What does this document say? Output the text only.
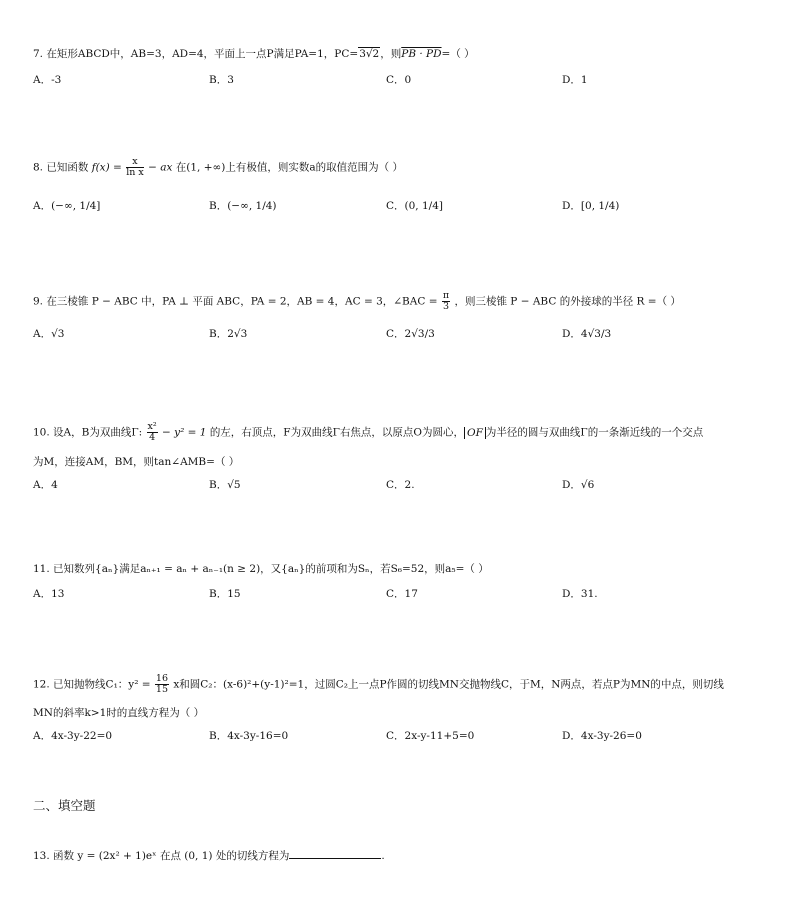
7. 在矩形ABCD中，AB=3，AD=4，平面上一点P满足PA=1，PC=3√2，则PB · PD=（ ）
A．-3	B．3	C．0	D．1
8. 已知函数 $f(x) = \frac{x}{\text{ln x}}$ − ax 在(1, +∞)上有极值，则实数a的取值范围为（ ）
A．(−∞, 1/4]	B．(−∞, 1/4)	C．(0, 1/4]	D．[0, 1/4)
9. 在三棱锥 P − ABC 中，PA ⊥ 平面 ABC，PA = 2，AB = 4，AC = 3，∠BAC = $\frac{\pi}{3}$ ，则三棱锥 P − ABC 的外接球的半径 R =（ ）
A．√3	B．2√3	C．2√3/3	D．4√3/3
10. 设A，B为双曲线Γ: $\frac{\text{x²}}{4} - y^2 = 1$ 的左，右顶点，F为双曲线Γ右焦点，以原点O为圆心， OF 为半径的圆与双曲线Γ的一条渐近线的一个交点
为M，连接AM，BM，则tan∠AMB=（ ）
A．4	B．√5	C．2.	D．√6
11. 已知数列{aₙ}满足aₙ₊₁ = aₙ + aₙ₋₁(n ≥ 2)，又{aₙ}的前项和为Sₙ，若S₆=52，则a₅=（ ）
A．13	B．15	C．17	D．31.
12. 已知抛物线C₁：$y^2 = \frac{16}{15}$ x和圆C₂：(x-6)²+(y-1)²=1，过圆C₂上一点P作圆的切线MN交抛物线C，于M，N两点，若点P为MN的中点，则切线
MN的斜率k>1时的直线方程为（ ）
A．4x-3y-22=0	B．4x-3y-16=0	C．2x-y-11+5=0	D．4x-3y-26=0
二、填空题
13. 函数 y = (2x² + 1)eˣ 在点 (0, 1) 处的切线方程为	.
